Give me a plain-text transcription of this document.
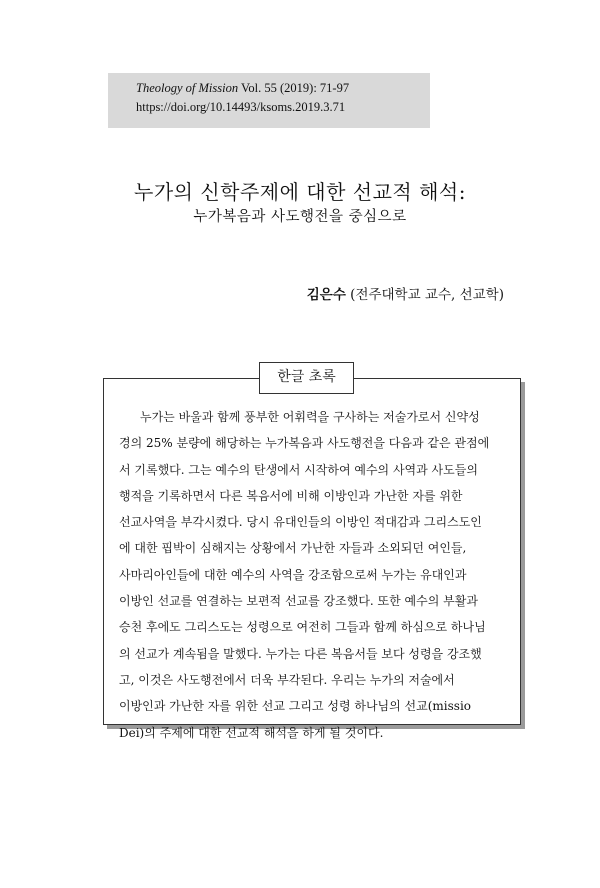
Theology of Mission Vol. 55 (2019): 71-97
https://doi.org/10.14493/ksoms.2019.3.71
누가의 신학주제에 대한 선교적 해석:
누가복음과 사도행전을 중심으로
김은수 (전주대학교 교수, 선교학)
한글 초록
누가는 바울과 함께 풍부한 어휘력을 구사하는 저술가로서 신약성
경의 25% 분량에 해당하는 누가복음과 사도행전을 다음과 같은 관점에
서 기록했다. 그는 예수의 탄생에서 시작하여 예수의 사역과 사도들의
행적을 기록하면서 다른 복음서에 비해 이방인과 가난한 자를 위한
선교사역을 부각시켰다. 당시 유대인들의 이방인 적대감과 그리스도인
에 대한 핍박이 심해지는 상황에서 가난한 자들과 소외되던 여인들,
사마리아인들에 대한 예수의 사역을 강조함으로써 누가는 유대인과
이방인 선교를 연결하는 보편적 선교를 강조했다. 또한 예수의 부활과
승천 후에도 그리스도는 성령으로 여전히 그들과 함께 하심으로 하나님
의 선교가 계속됨을 말했다. 누가는 다른 복음서들 보다 성령을 강조했
고, 이것은 사도행전에서 더욱 부각된다. 우리는 누가의 저술에서
이방인과 가난한 자를 위한 선교 그리고 성령 하나님의 선교(missio
Dei)의 주제에 대한 선교적 해석을 하게 될 것이다.
